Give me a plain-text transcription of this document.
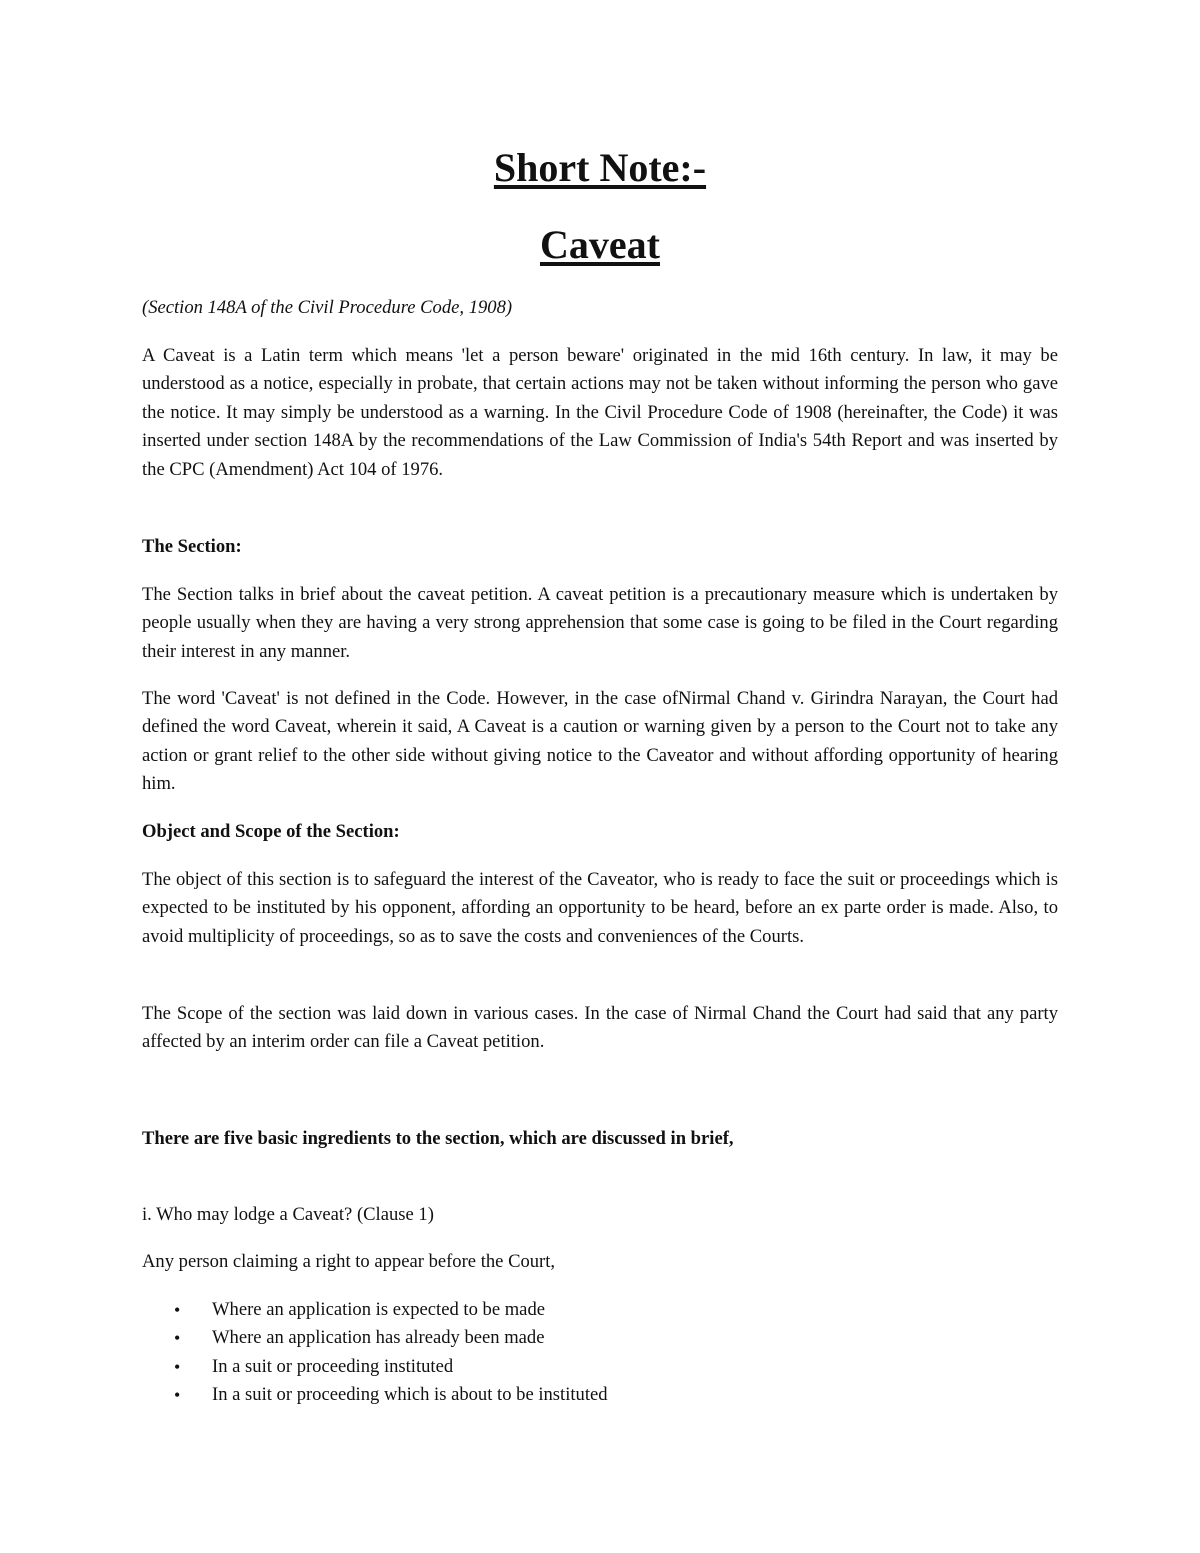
Short Note:-
Caveat

(Section 148A of the Civil Procedure Code, 1908)

A Caveat is a Latin term which means 'let a person beware' originated in the mid 16th century. In law, it may be understood as a notice, especially in probate, that certain actions may not be taken without informing the person who gave the notice. It may simply be understood as a warning. In the Civil Procedure Code of 1908 (hereinafter, the Code) it was inserted under section 148A by the recommendations of the Law Commission of India's 54th Report and was inserted by the CPC (Amendment) Act 104 of 1976.

The Section:

The Section talks in brief about the caveat petition. A caveat petition is a precautionary measure which is undertaken by people usually when they are having a very strong apprehension that some case is going to be filed in the Court regarding their interest in any manner.

The word 'Caveat' is not defined in the Code. However, in the case ofNirmal Chand v. Girindra Narayan, the Court had defined the word Caveat, wherein it said, A Caveat is a caution or warning given by a person to the Court not to take any action or grant relief to the other side without giving notice to the Caveator and without affording opportunity of hearing him.

Object and Scope of the Section:

The object of this section is to safeguard the interest of the Caveator, who is ready to face the suit or proceedings which is expected to be instituted by his opponent, affording an opportunity to be heard, before an ex parte order is made. Also, to avoid multiplicity of proceedings, so as to save the costs and conveniences of the Courts.

The Scope of the section was laid down in various cases. In the case of Nirmal Chand the Court had said that any party affected by an interim order can file a Caveat petition.

There are five basic ingredients to the section, which are discussed in brief,

i. Who may lodge a Caveat? (Clause 1)

Any person claiming a right to appear before the Court,

• Where an application is expected to be made
• Where an application has already been made
• In a suit or proceeding instituted
• In a suit or proceeding which is about to be instituted
